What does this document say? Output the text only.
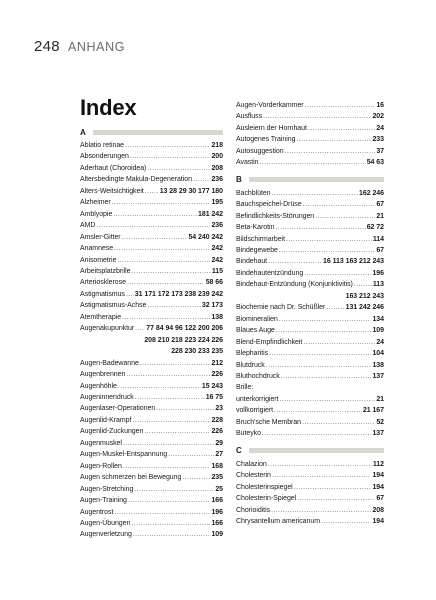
248 ANHANG
Index
A
Ablatio retinae .....	218
Absonderungen .....	200
Aderhaut (Choroidea) .....	208
Altersbedingte Makula-Degeneration .....	236
Alters-Weitsichtigkeit ..... 13 28 29 30 177 180
Alzheimer .....	195
Amblyopie .....	181 242
AMD .....	236
Amsler-Gitter .....	54 240 242
Anamnese .....	242
Anisometrie .....	242
Arbeitsplatzbrille .....	115
Arteriosklerose .....	58 66
Astigmatismus ..... 31 171 172 173 238 239 242
Astigmatismus-Achse .....	32 173
Atemtherapie .....	138
Augenakupunktur ..... 77 84 94 96 122 200 206
208 210 218 223 224 226
228 230 233 235
Augen-Badewanne .....	212
Augenbrennen .....	226
Augenhöhle .....	15 243
Augeninnendruck .....	16 75
Augenlaser-Operationen .....	23
Augenlid-Krampf .....	228
Augenlid-Zuckungen .....	226
Augenmuskel .....	29
Augen-Muskel-Entspannung .....	27
Augen-Rollen .....	168
Augen schmerzen bei Bewegung .....	235
Augen-Stretching .....	25
Augen-Training .....	166
Augentrost .....	196
Augen-Übungen .....	166
Augenverletzung .....	109
Augen-Vorderkammer .....	16
Ausfluss .....	202
Ausleiern der Hornhaut .....	24
Autogenes Training .....	233
Autosuggestion .....	37
Avastin .....	54 63
B
Bachblüten .....	162 246
Bauchspeichel-Drüse .....	67
Befindlichkeits-Störungen .....	21
Beta-Karotin .....	62 72
Bildschirmarbeit .....	114
Bindegewebe .....	67
Bindehaut .....	16 113 163 212 243
Bindehautentzündung .....	196
Bindehaut-Entzündung (Konjunktivitis) .....	113
163 212 243
Biochemie nach Dr. Schüßler .....	131 242 246
Biomineralien .....	134
Blaues Auge .....	109
Blend-Empfindlichkeit .....	24
Blepharitis .....	104
Blutdruck .....	138
Bluthochdruck .....	137
Brille:
unterkorrigiert .....	21
vollkorrigiert .....	21 167
Bruch'sche Membran .....	52
Buteyko .....	137
C
Chalazion .....	112
Cholesterin .....	194
Cholesterinspiegel .....	194
Cholesterin-Spiegel .....	67
Chorioiditis .....	208
Chrysantellum americanum .....	194
